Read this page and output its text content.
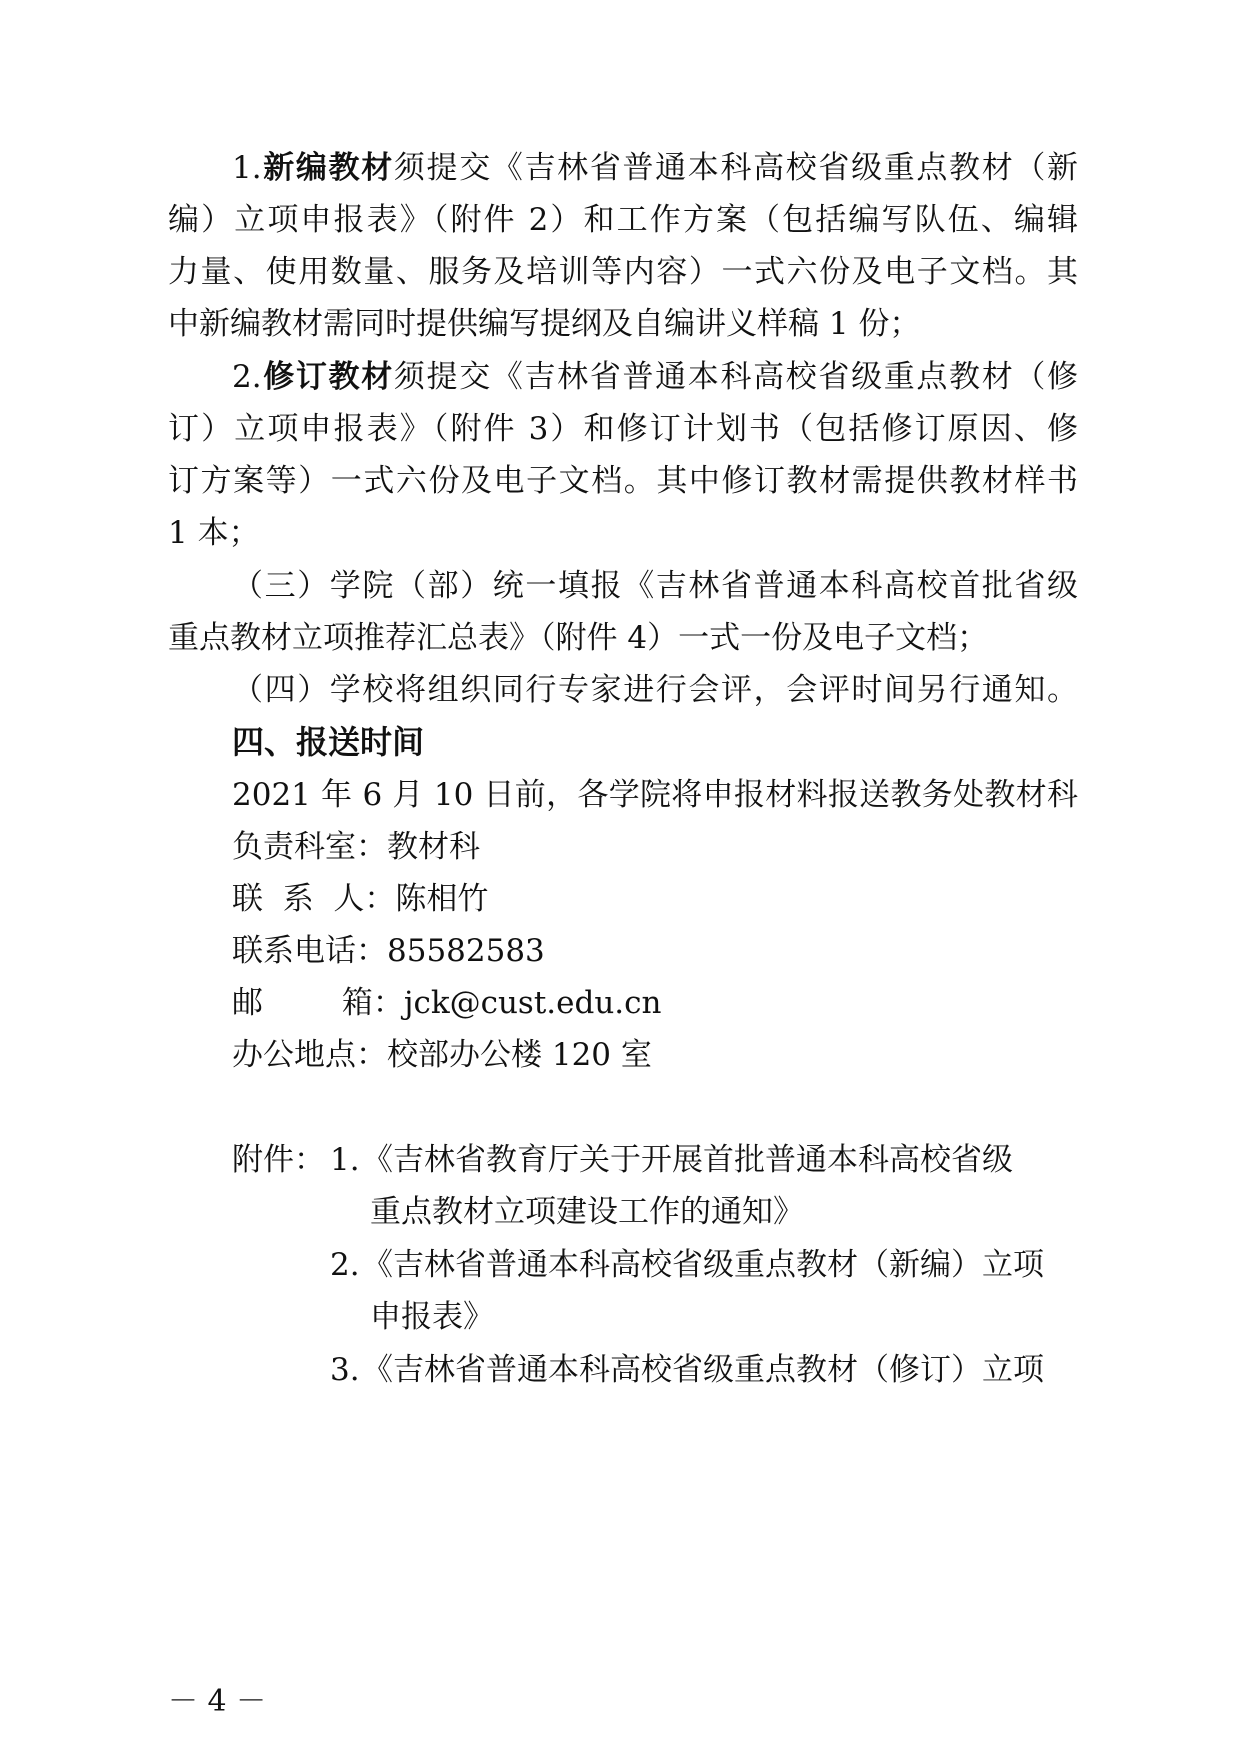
1.新编教材须提交《吉林省普通本科高校省级重点教材（新
编）立项申报表》（附件 2）和工作方案（包括编写队伍、编辑
力量、使用数量、服务及培训等内容）一式六份及电子文档。其
中新编教材需同时提供编写提纲及自编讲义样稿 1 份；
2.修订教材须提交《吉林省普通本科高校省级重点教材（修
订）立项申报表》（附件 3）和修订计划书（包括修订原因、修
订方案等）一式六份及电子文档。其中修订教材需提供教材样书
1 本；
（三）学院（部）统一填报《吉林省普通本科高校首批省级
重点教材立项推荐汇总表》（附件 4）一式一份及电子文档；
（四）学校将组织同行专家进行会评，会评时间另行通知。
四、报送时间
2021 年 6 月 10 日前，各学院将申报材料报送教务处教材科
负责科室：教材科
联  系  人：陈相竹
联系电话：85582583
邮        箱：jck@cust.edu.cn
办公地点：校部办公楼 120 室
附件： 1. 《吉林省教育厅关于开展首批普通本科高校省级
重点教材立项建设工作的通知》
2. 《吉林省普通本科高校省级重点教材（新编）立项
申报表》
3. 《吉林省普通本科高校省级重点教材（修订）立项
－ 4 －
